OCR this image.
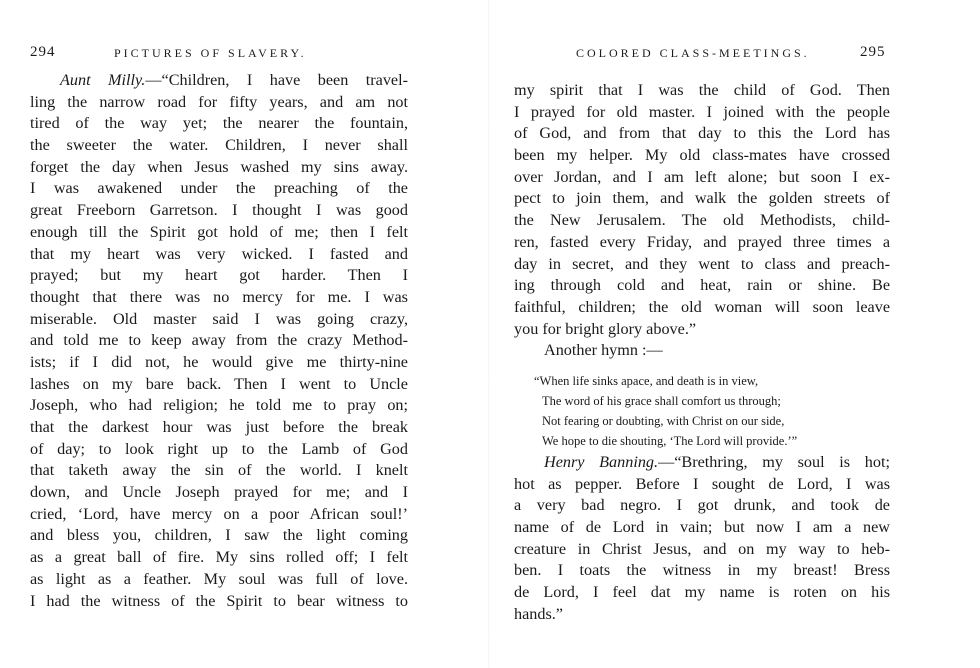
294	PICTURES OF SLAVERY.
Aunt Milly.—“Children, I have been travel-
ling the narrow road for fifty years, and am not
tired of the way yet; the nearer the fountain,
the sweeter the water. Children, I never shall
forget the day when Jesus washed my sins away.
I was awakened under the preaching of the
great Freeborn Garretson. I thought I was good
enough till the Spirit got hold of me; then I felt
that my heart was very wicked. I fasted and
prayed; but my heart got harder. Then I
thought that there was no mercy for me. I was
miserable. Old master said I was going crazy,
and told me to keep away from the crazy Method-
ists; if I did not, he would give me thirty-nine
lashes on my bare back. Then I went to Uncle
Joseph, who had religion; he told me to pray on;
that the darkest hour was just before the break
of day; to look right up to the Lamb of God
that taketh away the sin of the world. I knelt
down, and Uncle Joseph prayed for me; and I
cried, ‘Lord, have mercy on a poor African soul!’
and bless you, children, I saw the light coming
as a great ball of fire. My sins rolled off; I felt
as light as a feather. My soul was full of love.
I had the witness of the Spirit to bear witness to
COLORED CLASS-MEETINGS.	295
my spirit that I was the child of God. Then
I prayed for old master. I joined with the people
of God, and from that day to this the Lord has
been my helper. My old class-mates have crossed
over Jordan, and I am left alone; but soon I ex-
pect to join them, and walk the golden streets of
the New Jerusalem. The old Methodists, child-
ren, fasted every Friday, and prayed three times a
day in secret, and they went to class and preach-
ing through cold and heat, rain or shine. Be
faithful, children; the old woman will soon leave
you for bright glory above.”
Another hymn :—
“When life sinks apace, and death is in view,
The word of his grace shall comfort us through;
Not fearing or doubting, with Christ on our side,
We hope to die shouting, ‘The Lord will provide.’”
Henry Banning.—“Brethring, my soul is hot;
hot as pepper. Before I sought de Lord, I was
a very bad negro. I got drunk, and took de
name of de Lord in vain; but now I am a new
creature in Christ Jesus, and on my way to heb-
ben. I toats the witness in my breast! Bress
de Lord, I feel dat my name is roten on his
hands.”
